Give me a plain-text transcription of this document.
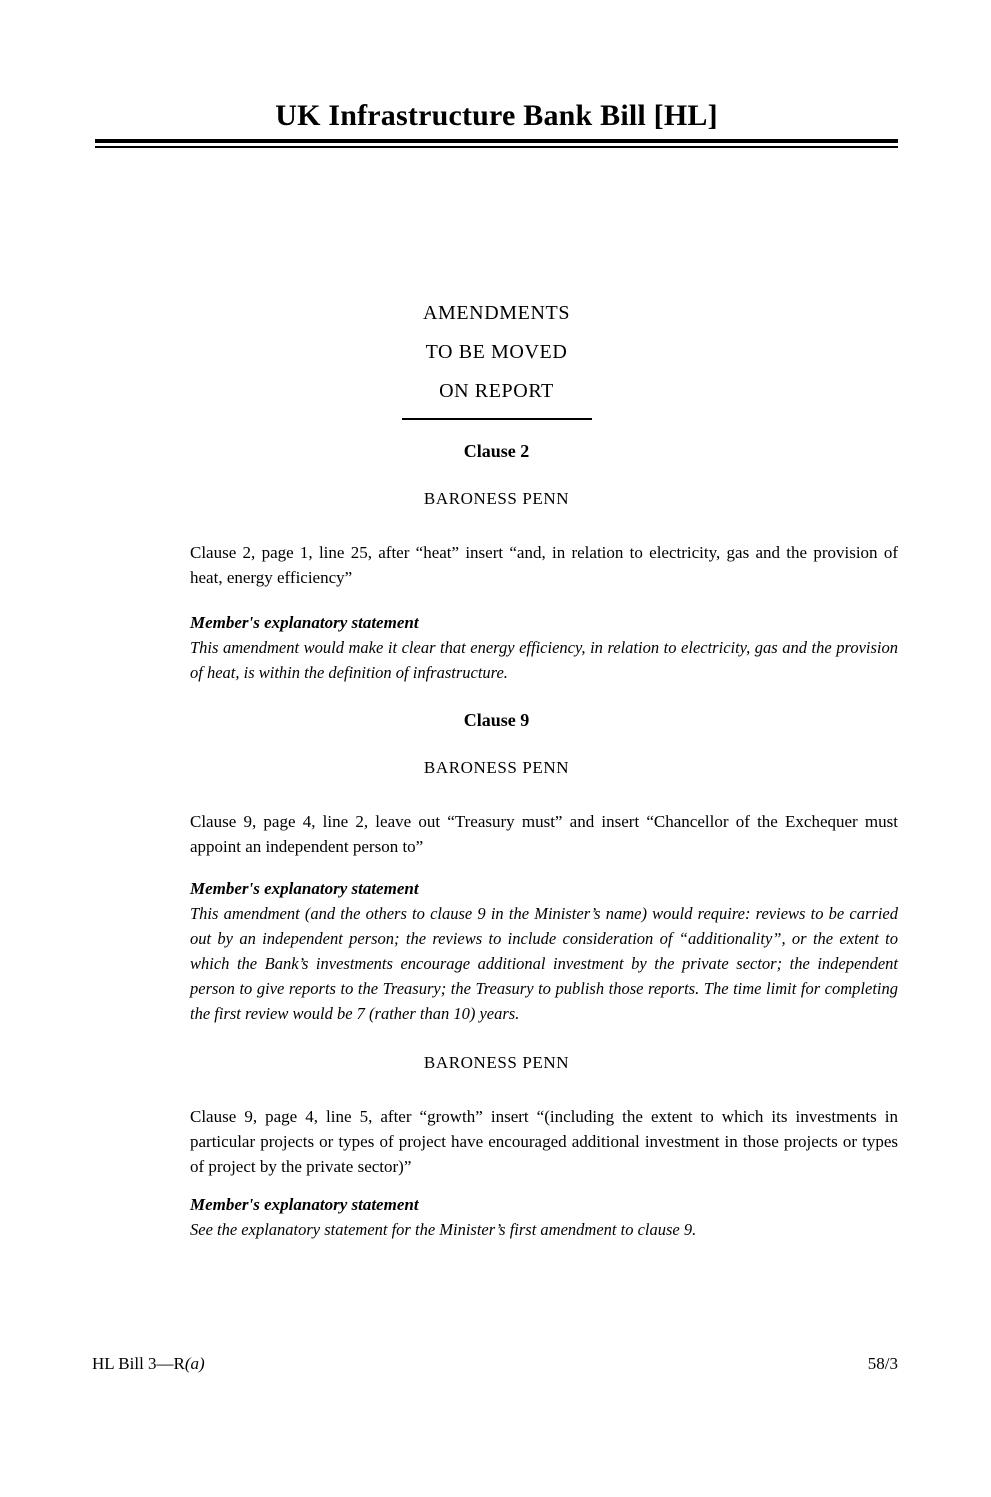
UK Infrastructure Bank Bill [HL]
AMENDMENTS
TO BE MOVED
ON REPORT
Clause 2
BARONESS PENN
Clause 2, page 1, line 25, after “heat” insert “and, in relation to electricity, gas and the provision of heat, energy efficiency”
Member's explanatory statement
This amendment would make it clear that energy efficiency, in relation to electricity, gas and the provision of heat, is within the definition of infrastructure.
Clause 9
BARONESS PENN
Clause 9, page 4, line 2, leave out “Treasury must” and insert “Chancellor of the Exchequer must appoint an independent person to”
Member's explanatory statement
This amendment (and the others to clause 9 in the Minister’s name) would require: reviews to be carried out by an independent person; the reviews to include consideration of “additionality”, or the extent to which the Bank’s investments encourage additional investment by the private sector; the independent person to give reports to the Treasury; the Treasury to publish those reports. The time limit for completing the first review would be 7 (rather than 10) years.
BARONESS PENN
Clause 9, page 4, line 5, after “growth” insert “(including the extent to which its investments in particular projects or types of project have encouraged additional investment in those projects or types of project by the private sector)”
Member's explanatory statement
See the explanatory statement for the Minister’s first amendment to clause 9.
HL Bill 3—R(a)	58/3
